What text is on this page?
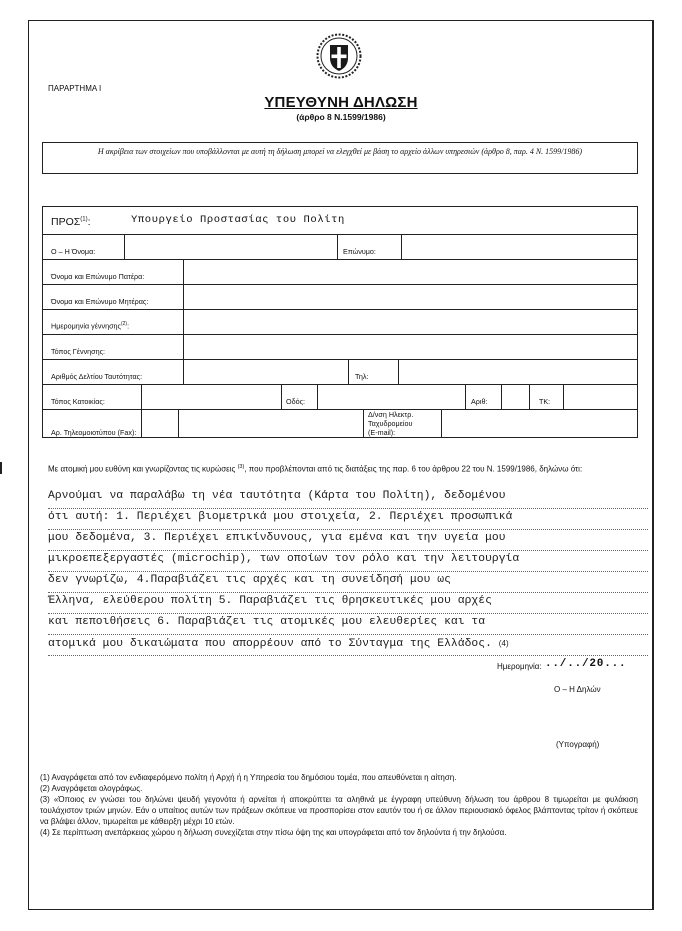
ΠΑΡΑΡΤΗΜΑ Ι
ΥΠΕΥΘΥΝΗ ΔΗΛΩΣΗ
(άρθρο 8 Ν.1599/1986)
Η ακρίβεια των στοιχείων που υποβάλλονται με αυτή τη δήλωση μπορεί να ελεγχθεί με βάση το αρχείο άλλων υπηρεσιών (άρθρο 8, παρ. 4 Ν. 1599/1986)
ΠΡΟΣ$^{(1)}$:	Υπουργείο Προστασίας του Πολίτη
Ο – Η Όνομα:	Επώνυμο:
Όνομα και Επώνυμο Πατέρα:
Όνομα και Επώνυμο Μητέρας:
Ημερομηνία γέννησης$^{(2)}$:
Τόπος Γέννησης:
Αριθμός Δελτίου Ταυτότητας:	Τηλ:
Τόπος Κατοικίας:	Οδός:	Αριθ:	ΤΚ:
Αρ. Τηλεομοιοτύπου (Fax):
Δ/νση Ηλεκτρ.
Ταχυδρομείου
(E-mail):
Με ατομική μου ευθύνη και γνωρίζοντας τις κυρώσεις $^{(3)}$, που προβλέπονται από τις διατάξεις της παρ. 6 του άρθρου 22 του Ν. 1599/1986, δηλώνω ότι:
Αρνούμαι να παραλάβω τη νέα ταυτότητα (Κάρτα του Πολίτη), δεδομένου
ότι αυτή: 1. Περιέχει βιομετρικά μου στοιχεία, 2. Περιέχει προσωπικά
μου δεδομένα, 3. Περιέχει επικίνδυνους, για εμένα και την υγεία μου
μικροεπεξεργαστές (microchip), των οποίων τον ρόλο και την λειτουργία
δεν γνωρίζω, 4.Παραβιάζει τις αρχές και τη συνείδησή μου ως
Έλληνα, ελεύθερου πολίτη 5. Παραβιάζει τις θρησκευτικές μου αρχές
και πεποιθήσεις 6. Παραβιάζει τις ατομικές μου ελευθερίες και τα
ατομικά μου δικαιώματα που απορρέουν από το Σύνταγμα της Ελλάδος. (4)
Ημερομηνία: ../../20...
Ο – Η Δηλών
(Υπογραφή)

(1) Αναγράφεται από τον ενδιαφερόμενο πολίτη ή Αρχή ή η Υπηρεσία του δημόσιου τομέα, που απευθύνεται η αίτηση.

(2) Αναγράφεται ολογράφως.

(3) «Όποιος εν γνώσει του δηλώνει ψευδή γεγονότα ή αρνείται ή αποκρύπτει τα αληθινά με έγγραφη υπεύθυνη δήλωση του άρθρου 8 τιμωρείται με φυλάκιση τουλάχιστον τριών μηνών. Εάν ο υπαίτιος αυτών των πράξεων σκόπευε να προσπορίσει στον εαυτόν του ή σε άλλον περιουσιακό όφελος βλάπτοντας τρίτον ή σκόπευε να βλάψει άλλον, τιμωρείται με κάθειρξη μέχρι 10 ετών.

(4) Σε περίπτωση ανεπάρκειας χώρου η δήλωση συνεχίζεται στην πίσω όψη της και υπογράφεται από τον δηλούντα ή την δηλούσα.
